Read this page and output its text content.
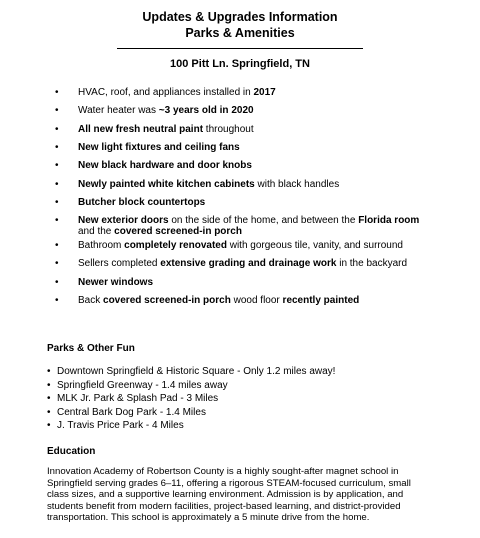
Updates & Upgrades Information
Parks & Amenities
100 Pitt Ln. Springfield, TN
• HVAC, roof, and appliances installed in 2017
• Water heater was ~3 years old in 2020
• All new fresh neutral paint throughout
• New light fixtures and ceiling fans
• New black hardware and door knobs
• Newly painted white kitchen cabinets with black handles
• Butcher block countertops
• New exterior doors on the side of the home, and between the Florida room and the covered screened-in porch
• Bathroom completely renovated with gorgeous tile, vanity, and surround
• Sellers completed extensive grading and drainage work in the backyard
• Newer windows
• Back covered screened-in porch wood floor recently painted
Parks & Other Fun
• Downtown Springfield & Historic Square - Only 1.2 miles away!
• Springfield Greenway - 1.4 miles away
• MLK Jr. Park & Splash Pad - 3 Miles
• Central Bark Dog Park - 1.4 Miles
• J. Travis Price Park - 4 Miles
Education
Innovation Academy of Robertson County is a highly sought-after magnet school in Springfield serving grades 6–11, offering a rigorous STEAM-focused curriculum, small class sizes, and a supportive learning environment. Admission is by application, and students benefit from modern facilities, project-based learning, and district-provided transportation. This school is approximately a 5 minute drive from the home.
